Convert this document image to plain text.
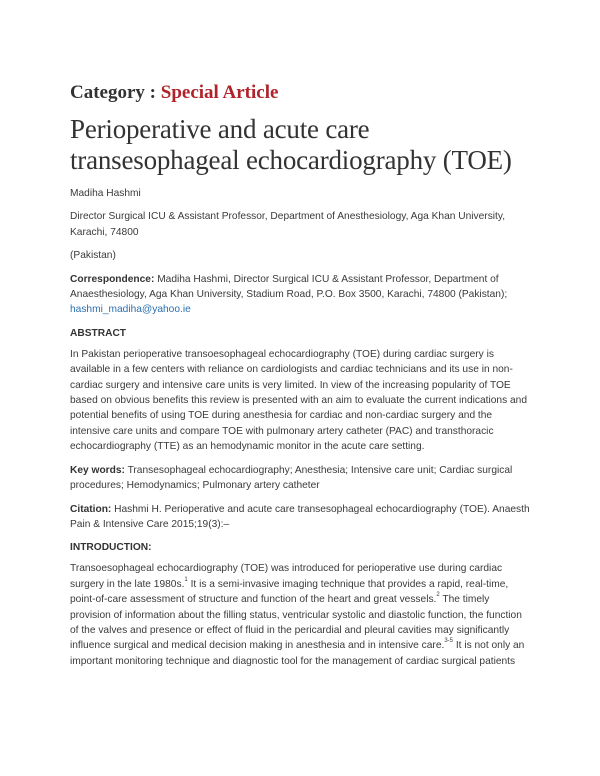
Category : Special Article
Perioperative and acute care transesophageal echocardiography (TOE)

Madiha Hashmi

Director Surgical ICU & Assistant Professor, Department of Anesthesiology, Aga Khan University, Karachi, 74800

(Pakistan)

Correspondence: Madiha Hashmi, Director Surgical ICU & Assistant Professor, Department of Anaesthesiology, Aga Khan University, Stadium Road, P.O. Box 3500, Karachi, 74800 (Pakistan);
hashmi_madiha@yahoo.ie

ABSTRACT

In Pakistan perioperative transoesophageal echocardiography (TOE) during cardiac surgery is available in a few centers with reliance on cardiologists and cardiac technicians and its use in non-cardiac surgery and intensive care units is very limited. In view of the increasing popularity of TOE based on obvious benefits this review is presented with an aim to evaluate the current indications and potential benefits of using TOE during anesthesia for cardiac and non-cardiac surgery and the intensive care units and compare TOE with pulmonary artery catheter (PAC) and transthoracic echocardiography (TTE) as an hemodynamic monitor in the acute care setting.

Key words: Transesophageal echocardiography; Anesthesia; Intensive care unit; Cardiac surgical procedures; Hemodynamics; Pulmonary artery catheter

Citation: Hashmi H. Perioperative and acute care transesophageal echocardiography (TOE). Anaesth Pain & Intensive Care 2015;19(3):–

INTRODUCTION:

Transoesophageal echocardiography (TOE) was introduced for perioperative use during cardiac surgery in the late 1980s.$^1$ It is a semi-invasive imaging technique that provides a rapid, real-time, point-of-care assessment of structure and function of the heart and great vessels.$^2$ The timely provision of information about the filling status, ventricular systolic and diastolic function, the function of the valves and presence or effect of fluid in the pericardial and pleural cavities may significantly influence surgical and medical decision making in anesthesia and in intensive care.$^{3-5}$ It is not only an important monitoring technique and diagnostic tool for the management of cardiac surgical patients
